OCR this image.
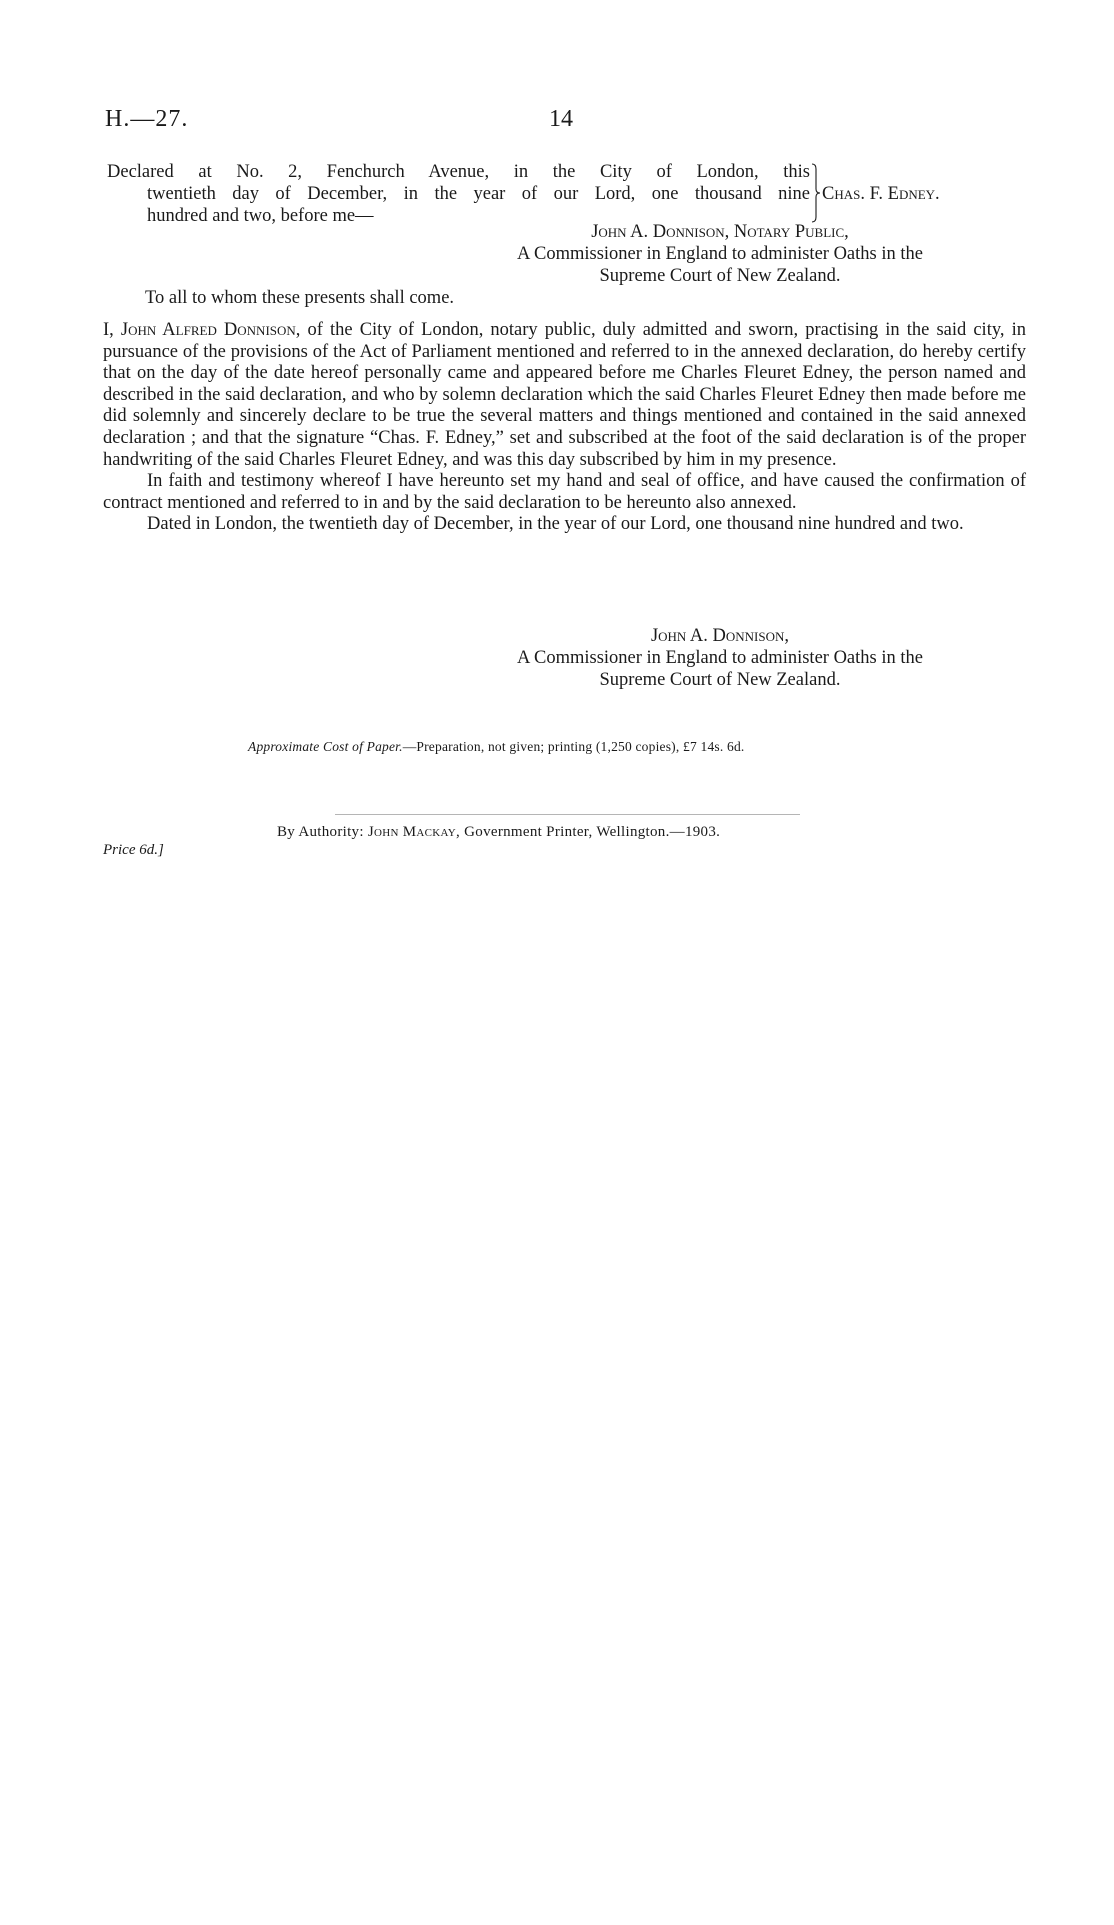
H.—27.	14
Declared at No. 2, Fenchurch Avenue, in the City of London, this
twentieth day of December, in the year of our Lord, one thousand nine
hundred and two, before me—
Chas. F. Edney.
John A. Donnison, Notary Public,
A Commissioner in England to administer Oaths in the
Supreme Court of New Zealand.
To all to whom these presents shall come.

I, John Alfred Donnison, of the City of London, notary public, duly admitted and sworn, practising in the said city, in pursuance of the provisions of the Act of Parliament mentioned and referred to in the annexed declaration, do hereby certify that on the day of the date hereof personally came and appeared before me Charles Fleuret Edney, the person named and described in the said declaration, and who by solemn declaration which the said Charles Fleuret Edney then made before me did solemnly and sincerely declare to be true the several matters and things mentioned and contained in the said annexed declaration ; and that the signature “Chas. F. Edney,” set and subscribed at the foot of the said declaration is of the proper handwriting of the said Charles Fleuret Edney, and was this day subscribed by him in my presence.

In faith and testimony whereof I have hereunto set my hand and seal of office, and have caused the confirmation of contract mentioned and referred to in and by the said declaration to be hereunto also annexed.

Dated in London, the twentieth day of December, in the year of our Lord, one thousand nine hundred and two.

John A. Donnison,
A Commissioner in England to administer Oaths in the
Supreme Court of New Zealand.
Approximate Cost of Paper.—Preparation, not given; printing (1,250 copies), £7 14s. 6d.
By Authority: John Mackay, Government Printer, Wellington.—1903.
Price 6d.]
